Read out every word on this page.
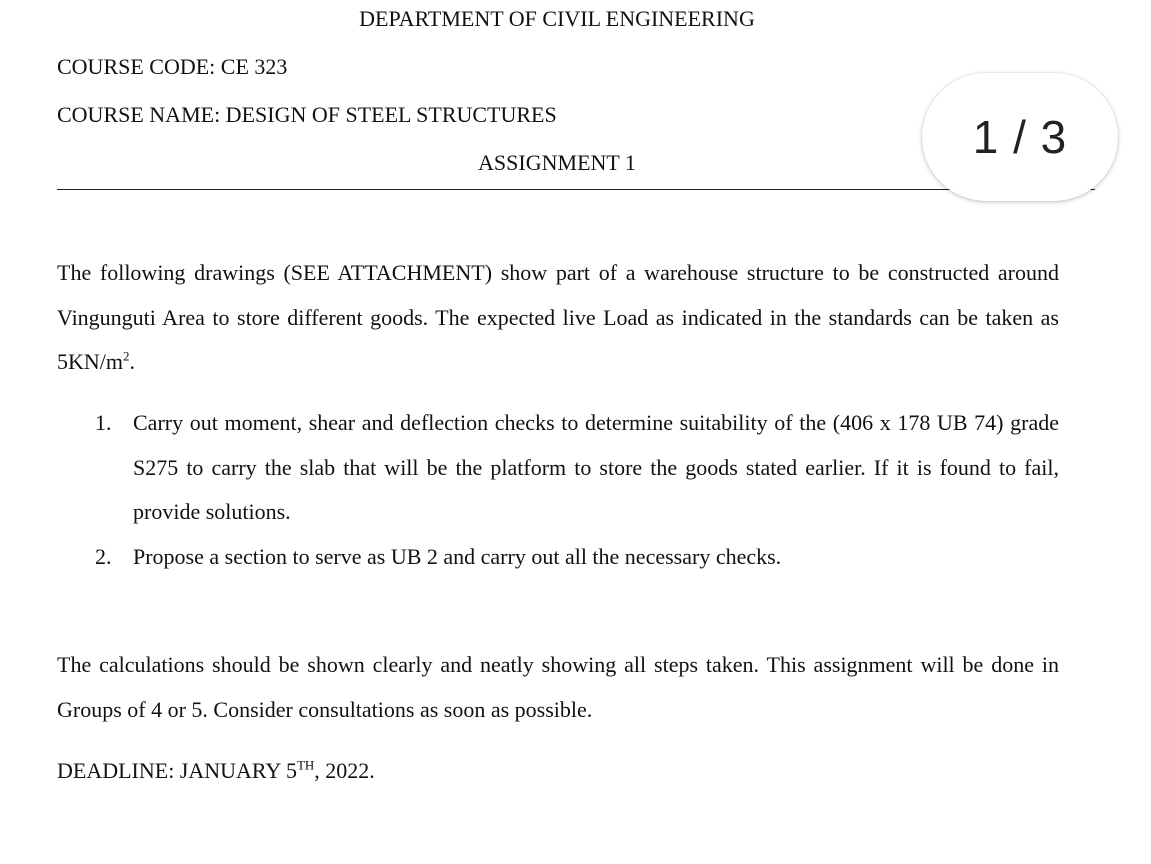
DEPARTMENT OF CIVIL ENGINEERING
COURSE CODE: CE 323
COURSE NAME: DESIGN OF STEEL STRUCTURES
ASSIGNMENT 1
The following drawings (SEE ATTACHMENT) show part of a warehouse structure to be constructed around Vingunguti Area to store different goods. The expected live Load as indicated in the standards can be taken as $5KN/m^2$.
1. Carry out moment, shear and deflection checks to determine suitability of the (406 x 178 UB 74) grade S275 to carry the slab that will be the platform to store the goods stated earlier. If it is found to fail, provide solutions.
2. Propose a section to serve as UB 2 and carry out all the necessary checks.
The calculations should be shown clearly and neatly showing all steps taken. This assignment will be done in Groups of 4 or 5. Consider consultations as soon as possible.
DEADLINE: JANUARY 5TH, 2022.
1 / 3
